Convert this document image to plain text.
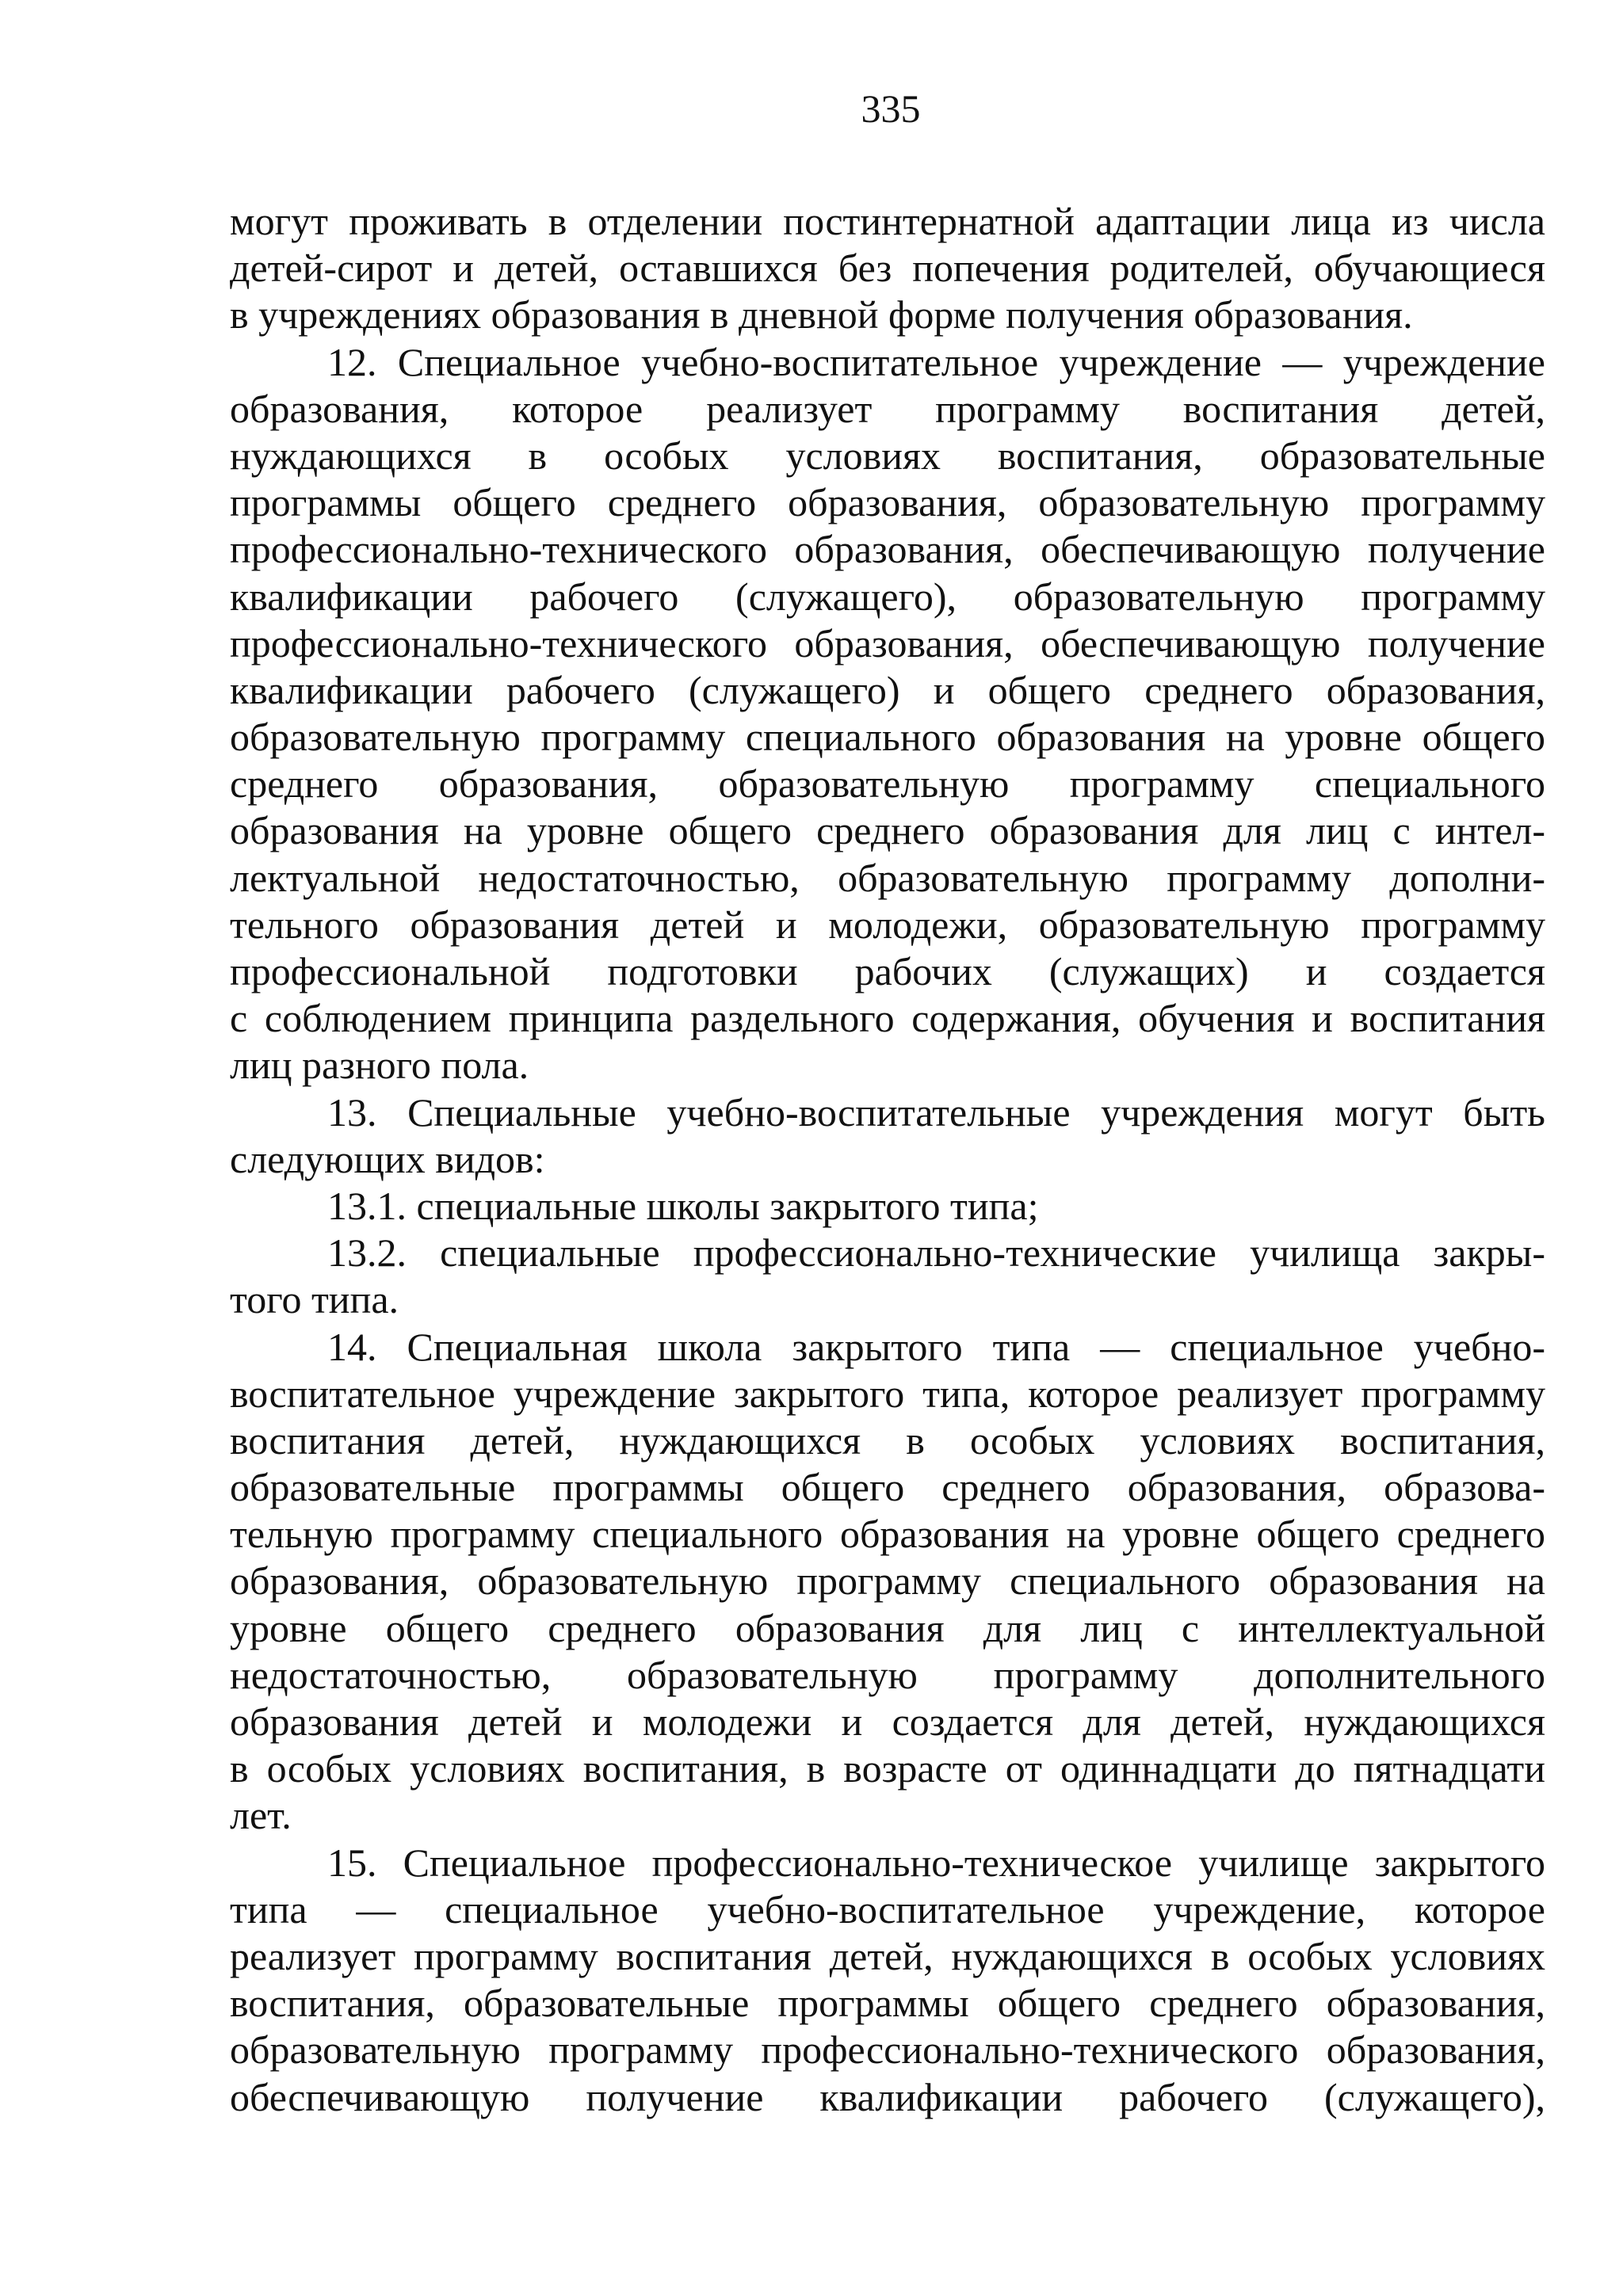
335
могут проживать в отделении постинтернатной адаптации лица из числа
детей-сирот и детей, оставшихся без попечения родителей, обучающиеся
в учреждениях образования в дневной форме получения образования.
12. Специальное учебно-воспитательное учреждение — учреждение
образования, которое реализует программу воспитания детей,
нуждающихся в особых условиях воспитания, образовательные
программы общего среднего образования, образовательную программу
профессионально-технического образования, обеспечивающую получение
квалификации рабочего (служащего), образовательную программу
профессионально-технического образования, обеспечивающую получение
квалификации рабочего (служащего) и общего среднего образования,
образовательную программу специального образования на уровне общего
среднего образования, образовательную программу специального
образования на уровне общего среднего образования для лиц с интел-
лектуальной недостаточностью, образовательную программу дополни-
тельного образования детей и молодежи, образовательную программу
профессиональной подготовки рабочих (служащих) и создается
с соблюдением принципа раздельного содержания, обучения и воспитания
лиц разного пола.
13. Специальные учебно-воспитательные учреждения могут быть
следующих видов:
13.1. специальные школы закрытого типа;
13.2. специальные профессионально-технические училища закры-
того типа.
14. Специальная школа закрытого типа — специальное учебно-
воспитательное учреждение закрытого типа, которое реализует программу
воспитания детей, нуждающихся в особых условиях воспитания,
образовательные программы общего среднего образования, образова-
тельную программу специального образования на уровне общего среднего
образования, образовательную программу специального образования на
уровне общего среднего образования для лиц с интеллектуальной
недостаточностью, образовательную программу дополнительного
образования детей и молодежи и создается для детей, нуждающихся
в особых условиях воспитания, в возрасте от одиннадцати до пятнадцати
лет.
15. Специальное профессионально-техническое училище закрытого
типа — специальное учебно-воспитательное учреждение, которое
реализует программу воспитания детей, нуждающихся в особых условиях
воспитания, образовательные программы общего среднего образования,
образовательную программу профессионально-технического образования,
обеспечивающую получение квалификации рабочего (служащего),
